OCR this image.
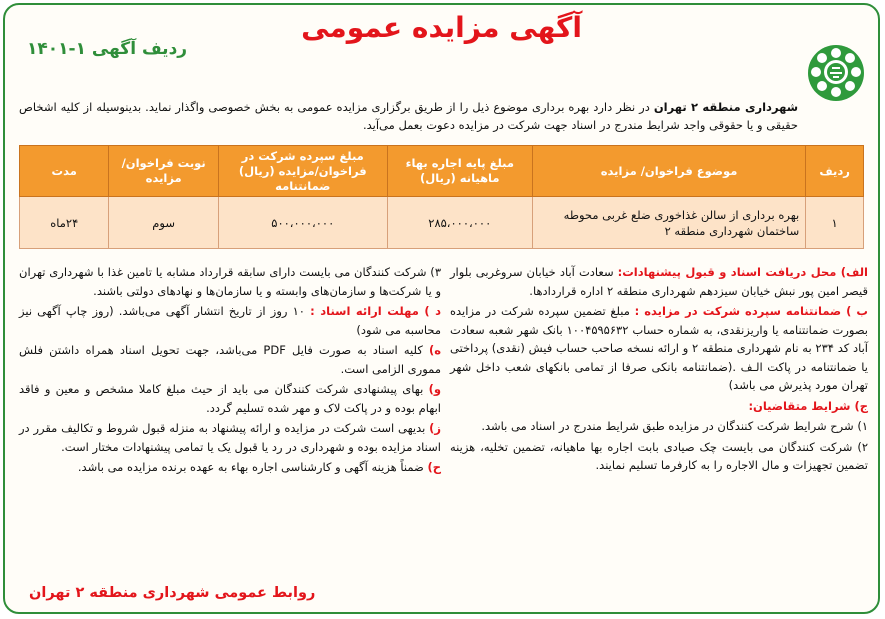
آگهی مزایده عمومی
ردیف آگهی ۱-۱۴۰۱
شهرداری منطقه ۲ تهران در نظر دارد بهره برداری موضوع ذیل را از طریق برگزاری مزایده عمومی به بخش خصوصی واگذار نماید. بدینوسیله از کلیه اشخاص حقیقی و یا حقوقی واجد شرایط مندرج در اسناد جهت شرکت در مزایده دعوت بعمل می‌آید.
ردیف	موضوع فراخوان/ مزایده	مبلغ پایه اجاره بهاء ماهیانه (ریال)	مبلغ سپرده شرکت در فراخوان/مزایده (ریال) ضمانتنامه	نوبت فراخوان/مزایده	مدت
۱	بهره برداری از سالن غذاخوری ضلع غربی محوطه ساختمان شهرداری منطقه ۲	۲۸۵،۰۰۰،۰۰۰	۵۰۰،۰۰۰،۰۰۰	سوم	۲۴ماه

الف) محل دریافت اسناد و قبول پیشنهادات: سعادت آباد خیابان سروغربی بلوار قیصر امین پور نبش خیابان سیزدهم شهرداری منطقه ۲ اداره قراردادها.

ب ) ضمانتنامه سپرده شرکت در مزایده : مبلغ تضمین سپرده شرکت در مزایده بصورت ضمانتنامه یا واریزنقدی، به شماره حساب ۱۰۰۴۵۹۵۶۳۲ بانک شهر شعبه سعادت آباد کد ۲۳۴ به نام شهرداری منطقه ۲ و ارائه نسخه صاحب حساب فیش (نقدی) پرداختی یا ضمانتنامه در پاکت الـف .(ضمانتنامه بانکی صرفا از تمامی بانکهای شعب داخل شهر تهران مورد پذیرش می باشد)

ج) شرایط متقاضیان:

۱) شرح شرایط شرکت کنندگان در مزایده طبق شرایط مندرج در اسناد می باشد.

۲) شرکت کنندگان می بایست چک صیادی بابت اجاره بها ماهیانه، تضمین تخلیه، هزینه تضمین تجهیزات و مال الاجاره را به کارفرما تسلیم نمایند.

۳) شرکت کنندگان می بایست دارای سابقه قرارداد مشابه یا تامین غذا با شهرداری تهران و یا شرکت‌ها و سازمان‌های وابسته و یا سازمان‌ها و نهادهای دولتی باشند.

د ) مهلت ارائه اسناد : ۱۰ روز از تاریخ انتشار آگهی می‌باشد. (روز چاپ آگهی نیز محاسبه می شود)

ه) کلیه اسناد به صورت فایل PDF می‌باشد، جهت تحویل اسناد همراه داشتن فلش مموری الزامی است.

و) بهای پیشنهادی شرکت کنندگان می باید از حیث مبلغ کاملا مشخص و معین و فاقد ابهام بوده و در پاکت لاک و مهر شده تسلیم گردد.

ز) بدیهی است شرکت در مزایده و ارائه پیشنهاد به منزله قبول شروط و تکالیف مقرر در اسناد مزایده بوده و شهرداری در رد یا قبول یک یا تمامی پیشنهادات مختار است.

ح) ضمناً هزینه آگهی و کارشناسی اجاره بهاء به عهده برنده مزایده می باشد.

روابط عمومی شهرداری منطقه ۲ تهران
